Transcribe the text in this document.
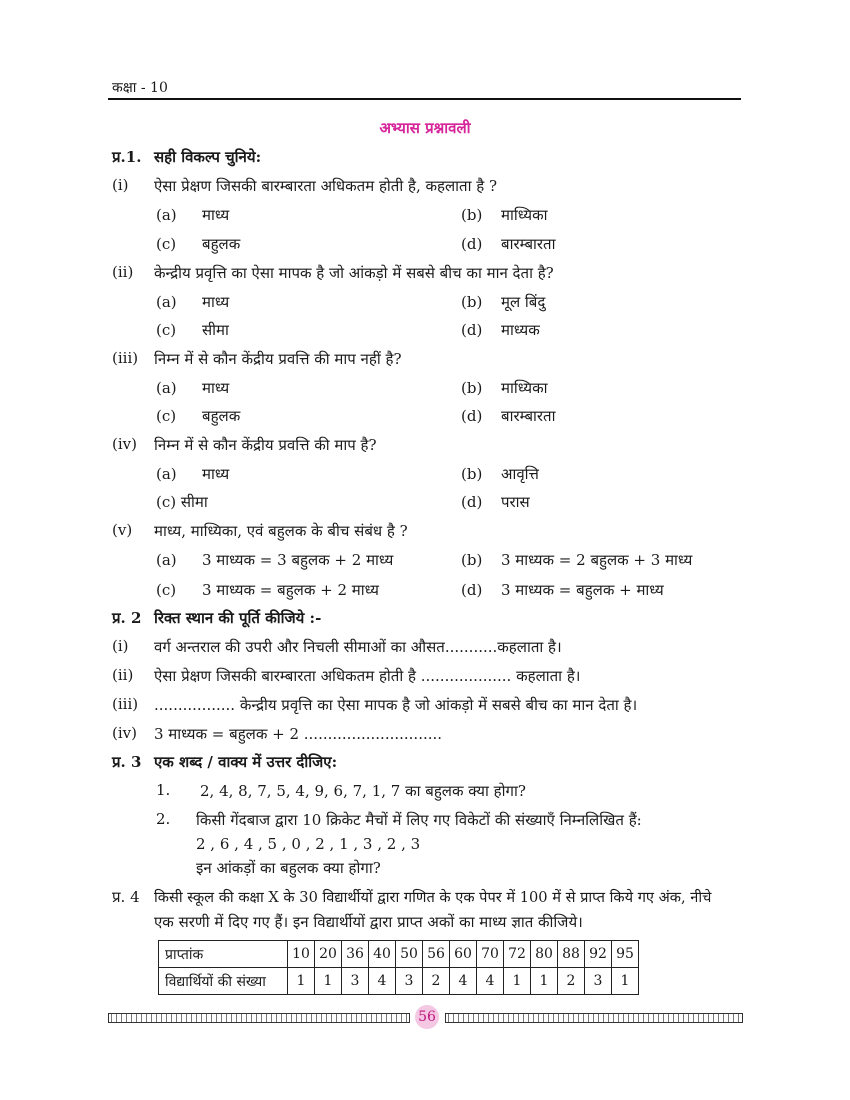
कक्षा - 10
अभ्यास प्रश्नावली
प्र.1. सही विकल्प चुनिये:
(i) ऐसा प्रेक्षण जिसकी बारम्बारता अधिकतम होती है, कहलाता है ?
(a) माध्य	(b) माध्यिका
(c) बहुलक	(d) बारम्बारता
(ii) केन्द्रीय प्रवृत्ति का ऐसा मापक है जो आंकड़ो में सबसे बीच का मान देता है?
(a) माध्य	(b) मूल बिंदु
(c) सीमा	(d) माध्यक
(iii) निम्न में से कौन केंद्रीय प्रवत्ति की माप नहीं है?
(a) माध्य	(b) माध्यिका
(c) बहुलक	(d) बारम्बारता
(iv) निम्न में से कौन केंद्रीय प्रवत्ति की माप है?
(a) माध्य	(b) आवृत्ति
(c) सीमा	(d) परास
(v) माध्य, माध्यिका, एवं बहुलक के बीच संबंध है ?
(a) 3 माध्यक = 3 बहुलक + 2 माध्य	(b) 3 माध्यक = 2 बहुलक + 3 माध्य
(c) 3 माध्यक = बहुलक + 2 माध्य	(d) 3 माध्यक = बहुलक + माध्य
प्र. 2 रिक्त स्थान की पूर्ति कीजिये :-
(i) वर्ग अन्तराल की उपरी और निचली सीमाओं का औसत...........कहलाता है।
(ii) ऐसा प्रेक्षण जिसकी बारम्बारता अधिकतम होती है ................... कहलाता है।
(iii) ................. केन्द्रीय प्रवृत्ति का ऐसा मापक है जो आंकड़ो में सबसे बीच का मान देता है।
(iv) 3 माध्यक = बहुलक + 2 .............................
प्र. 3 एक शब्द / वाक्य में उत्तर दीजिए:
1. 2, 4, 8, 7, 5, 4, 9, 6, 7, 1, 7 का बहुलक क्या होगा?
2. किसी गेंदबाज द्वारा 10 क्रिकेट मैचों में लिए गए विकेटों की संख्याएँ निम्नलिखित हैं:
2 , 6 , 4 , 5 , 0 , 2 , 1 , 3 , 2 , 3
इन आंकड़ों का बहुलक क्या होगा?
प्र. 4 किसी स्कूल की कक्षा X के 30 विद्यार्थीयों द्वारा गणित के एक पेपर में 100 में से प्राप्त किये गए अंक, नीचे
एक सरणी में दिए गए हैं। इन विद्यार्थीयों द्वारा प्राप्त अकों का माध्य ज्ञात कीजिये।
प्राप्तांक	10	20	36	40	50	56	60	70	72	80	88	92	95
विद्यार्थियों की संख्या	1	1	3	4	3	2	4	4	1	1	2	3	1
56
